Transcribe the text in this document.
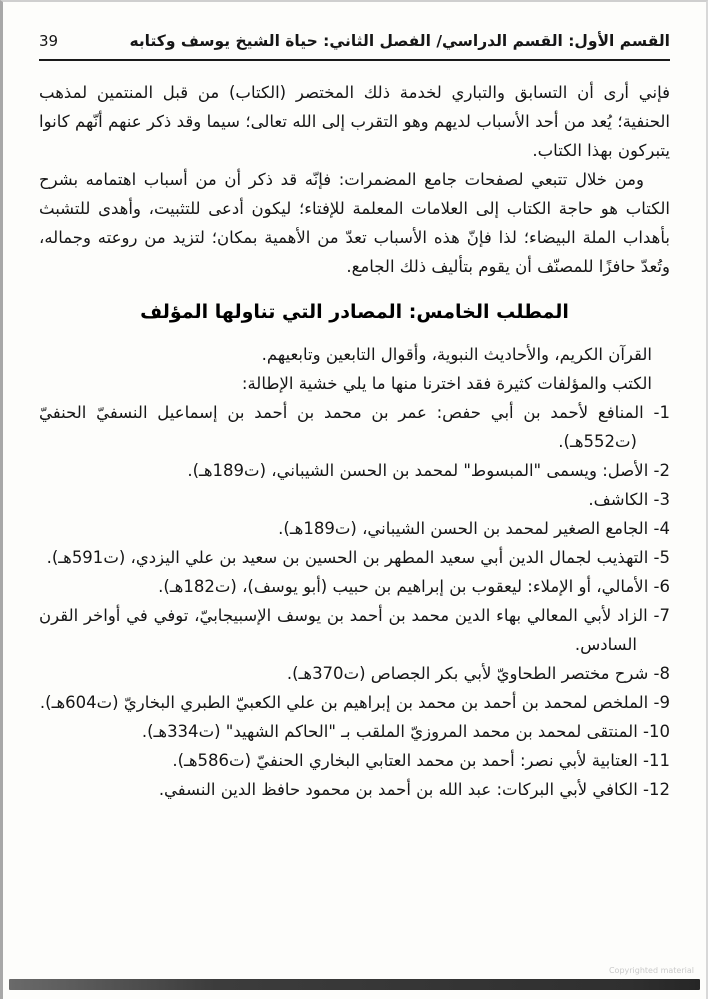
القسم الأول: القسم الدراسي/ الفصل الثاني: حياة الشيخ يوسف وكتابه
39

فإني أرى أن التسابق والتباري لخدمة ذلك المختصر (الكتاب) من قبل المنتمين لمذهب الحنفية؛ يُعد من أحد الأسباب لديهم وهو التقرب إلى الله تعالى؛ سيما وقد ذكر عنهم أنّهم كانوا يتبركون بهذا الكتاب.

ومن خلال تتبعي لصفحات جامع المضمرات: فإنّه قد ذكر أن من أسباب اهتمامه بشرح الكتاب هو حاجة الكتاب إلى العلامات المعلمة للإفتاء؛ ليكون أدعى للتثبيت، وأهدى للتشبث بأهداب الملة البيضاء؛ لذا فإنّ هذه الأسباب تعدّ من الأهمية بمكان؛ لتزيد من روعته وجماله، وتُعدّ حافزًا للمصنّف أن يقوم بتأليف ذلك الجامع.

المطلب الخامس: المصادر التي تناولها المؤلف

القرآن الكريم، والأحاديث النبوية، وأقوال التابعين وتابعيهم.

الكتب والمؤلفات كثيرة فقد اخترنا منها ما يلي خشية الإطالة:

1- المنافع لأحمد بن أبي حفص: عمر بن محمد بن أحمد بن إسماعيل النسفيّ الحنفيّ (ت552هـ).
2- الأصل: ويسمى "المبسوط" لمحمد بن الحسن الشيباني، (ت189هـ).
3- الكاشف.
4- الجامع الصغير لمحمد بن الحسن الشيباني، (ت189هـ).
5- التهذيب لجمال الدين أبي سعيد المطهر بن الحسين بن سعيد بن علي اليزدي، (ت591هـ).
6- الأمالي، أو الإملاء: ليعقوب بن إبراهيم بن حبيب (أبو يوسف)، (ت182هـ).
7- الزاد لأبي المعالي بهاء الدين محمد بن أحمد بن يوسف الإسبيجابيّ، توفي في أواخر القرن السادس.
8- شرح مختصر الطحاويّ لأبي بكر الجصاص (ت370هـ).
9- الملخص لمحمد بن أحمد بن محمد بن إبراهيم بن علي الكعبيّ الطبري البخاريّ (ت604هـ).
10- المنتقى لمحمد بن محمد المروزيّ الملقب بـ "الحاكم الشهيد" (ت334هـ).
11- العتابية لأبي نصر: أحمد بن محمد العتابي البخاري الحنفيّ (ت586هـ).
12- الكافي لأبي البركات: عبد الله بن أحمد بن محمود حافظ الدين النسفي.
Copyrighted material
